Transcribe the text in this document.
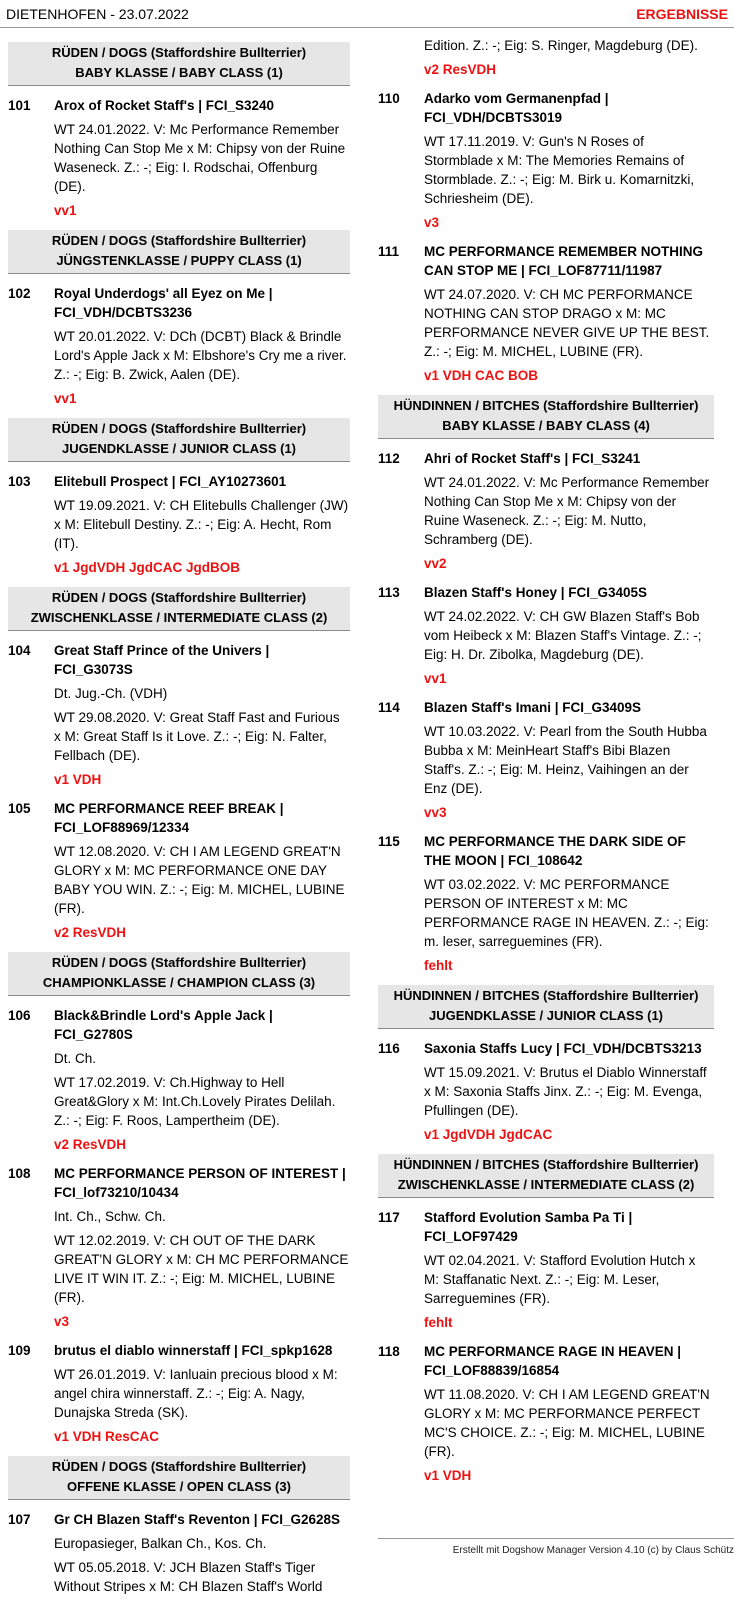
DIETENHOFEN - 23.07.2022	ERGEBNISSE
RÜDEN / DOGS (Staffordshire Bullterrier)
BABY KLASSE / BABY CLASS (1)
101	Arox of Rocket Staff's | FCI_S3240
WT 24.01.2022. V: Mc Performance Remember Nothing Can Stop Me x M: Chipsy von der Ruine Waseneck. Z.: -; Eig: I. Rodschai, Offenburg (DE).
vv1
RÜDEN / DOGS (Staffordshire Bullterrier)
JÜNGSTENKLASSE / PUPPY CLASS (1)
102	Royal Underdogs' all Eyez on Me | FCI_VDH/DCBTS3236
WT 20.01.2022. V: DCh (DCBT) Black & Brindle Lord's Apple Jack x M: Elbshore's Cry me a river. Z.: -; Eig: B. Zwick, Aalen (DE).
vv1
RÜDEN / DOGS (Staffordshire Bullterrier)
JUGENDKLASSE / JUNIOR CLASS (1)
103	Elitebull Prospect | FCI_AY10273601
WT 19.09.2021. V: CH Elitebulls Challenger (JW) x M: Elitebull Destiny. Z.: -; Eig: A. Hecht, Rom (IT).
v1 JgdVDH JgdCAC JgdBOB
RÜDEN / DOGS (Staffordshire Bullterrier)
ZWISCHENKLASSE / INTERMEDIATE CLASS (2)
104	Great Staff Prince of the Univers | FCI_G3073S
Dt. Jug.-Ch. (VDH)
WT 29.08.2020. V: Great Staff Fast and Furious x M: Great Staff Is it Love. Z.: -; Eig: N. Falter, Fellbach (DE).
v1 VDH
105	MC PERFORMANCE REEF BREAK | FCI_LOF88969/12334
WT 12.08.2020. V: CH I AM LEGEND GREAT'N GLORY x M: MC PERFORMANCE ONE DAY BABY YOU WIN. Z.: -; Eig: M. MICHEL, LUBINE (FR).
v2 ResVDH
RÜDEN / DOGS (Staffordshire Bullterrier)
CHAMPIONKLASSE / CHAMPION CLASS (3)
106	Black&Brindle Lord's Apple Jack | FCI_G2780S
Dt. Ch.
WT 17.02.2019. V: Ch.Highway to Hell Great&Glory x M: Int.Ch.Lovely Pirates Delilah. Z.: -; Eig: F. Roos, Lampertheim (DE).
v2 ResVDH
108	MC PERFORMANCE PERSON OF INTEREST | FCI_lof73210/10434
Int. Ch., Schw. Ch.
WT 12.02.2019. V: CH OUT OF THE DARK GREAT'N GLORY x M: CH MC PERFORMANCE LIVE IT WIN IT. Z.: -; Eig: M. MICHEL, LUBINE (FR).
v3
109	brutus el diablo winnerstaff | FCI_spkp1628
WT 26.01.2019. V: Ianluain precious blood x M: angel chira winnerstaff. Z.: -; Eig: A. Nagy, Dunajska Streda (SK).
v1 VDH ResCAC
RÜDEN / DOGS (Staffordshire Bullterrier)
OFFENE KLASSE / OPEN CLASS (3)
107	Gr CH Blazen Staff's Reventon | FCI_G2628S
Europasieger, Balkan Ch., Kos. Ch.
WT 05.05.2018. V: JCH Blazen Staff's Tiger Without Stripes x M: CH Blazen Staff's World
Edition. Z.: -; Eig: S. Ringer, Magdeburg (DE).
v2 ResVDH
110	Adarko vom Germanenpfad | FCI_VDH/DCBTS3019
WT 17.11.2019. V: Gun's N Roses of Stormblade x M: The Memories Remains of Stormblade. Z.: -; Eig: M. Birk u. Komarnitzki, Schriesheim (DE).
v3
111	MC PERFORMANCE REMEMBER NOTHING CAN STOP ME | FCI_LOF87711/11987
WT 24.07.2020. V: CH MC PERFORMANCE NOTHING CAN STOP DRAGO x M: MC PERFORMANCE NEVER GIVE UP THE BEST. Z.: -; Eig: M. MICHEL, LUBINE (FR).
v1 VDH CAC BOB
HÜNDINNEN / BITCHES (Staffordshire Bullterrier)
BABY KLASSE / BABY CLASS (4)
112	Ahri of Rocket Staff's | FCI_S3241
WT 24.01.2022. V: Mc Performance Remember Nothing Can Stop Me x M: Chipsy von der Ruine Waseneck. Z.: -; Eig: M. Nutto, Schramberg (DE).
vv2
113	Blazen Staff's Honey | FCI_G3405S
WT 24.02.2022. V: CH GW Blazen Staff's Bob vom Heibeck x M: Blazen Staff's Vintage. Z.: -; Eig: H. Dr. Zibolka, Magdeburg (DE).
vv1
114	Blazen Staff's Imani | FCI_G3409S
WT 10.03.2022. V: Pearl from the South Hubba Bubba x M: MeinHeart Staff's Bibi Blazen Staff's. Z.: -; Eig: M. Heinz, Vaihingen an der Enz (DE).
vv3
115	MC PERFORMANCE THE DARK SIDE OF THE MOON | FCI_108642
WT 03.02.2022. V: MC PERFORMANCE PERSON OF INTEREST x M: MC PERFORMANCE RAGE IN HEAVEN. Z.: -; Eig: m. leser, sarreguemines (FR).
fehlt
HÜNDINNEN / BITCHES (Staffordshire Bullterrier)
JUGENDKLASSE / JUNIOR CLASS (1)
116	Saxonia Staffs Lucy | FCI_VDH/DCBTS3213
WT 15.09.2021. V: Brutus el Diablo Winnerstaff x M: Saxonia Staffs Jinx. Z.: -; Eig: M. Evenga, Pfullingen (DE).
v1 JgdVDH JgdCAC
HÜNDINNEN / BITCHES (Staffordshire Bullterrier)
ZWISCHENKLASSE / INTERMEDIATE CLASS (2)
117	Stafford Evolution Samba Pa Ti | FCI_LOF97429
WT 02.04.2021. V: Stafford Evolution Hutch x M: Staffanatic Next. Z.: -; Eig: M. Leser, Sarreguemines (FR).
fehlt
118	MC PERFORMANCE RAGE IN HEAVEN | FCI_LOF88839/16854
WT 11.08.2020. V: CH I AM LEGEND GREAT'N GLORY x M: MC PERFORMANCE PERFECT MC'S CHOICE. Z.: -; Eig: M. MICHEL, LUBINE (FR).
v1 VDH
Erstellt mit Dogshow Manager Version 4.10 (c) by Claus Schütz
